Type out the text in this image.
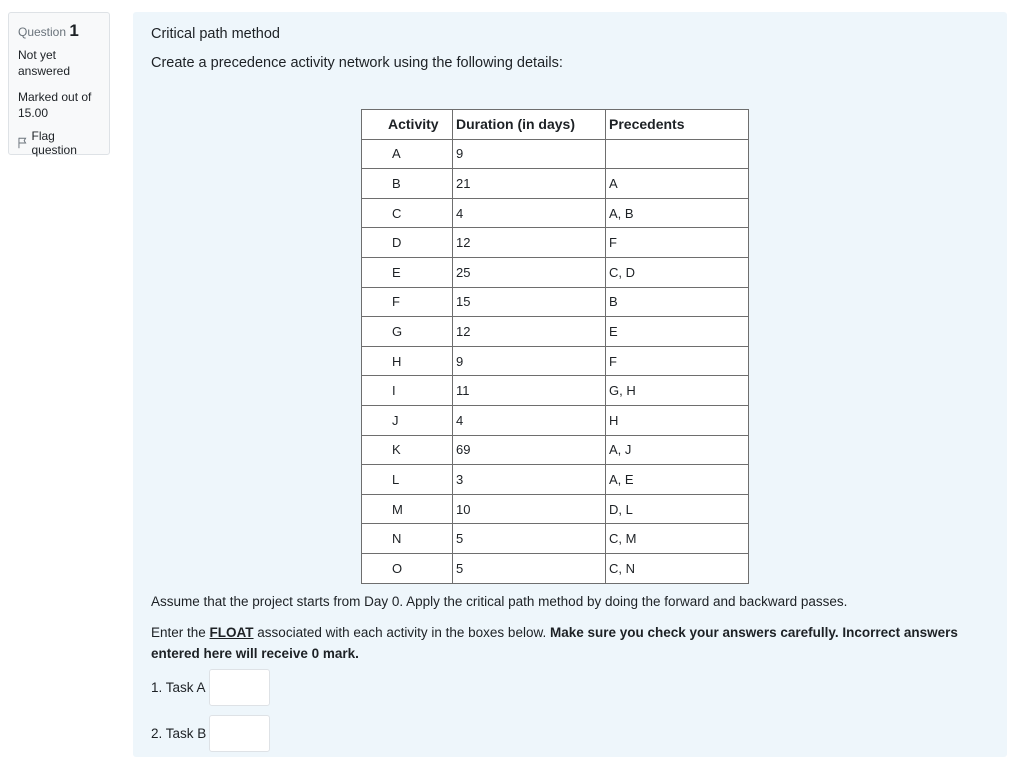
Question 1
Not yet
answered
Marked out of
15.00
Flag question
Critical path method
Create a precedence activity network using the following details:
Activity	Duration (in days)	Precedents
A	9	
B	21	A
C	4	A, B
D	12	F
E	25	C, D
F	15	B
G	12	E
H	9	F
I	11	G, H
J	4	H
K	69	A, J
L	3	A, E
M	10	D, L
N	5	C, M
O	5	C, N
Assume that the project starts from Day 0. Apply the critical path method by doing the forward and backward passes.
Enter the FLOAT associated with each activity in the boxes below. Make sure you check your answers carefully. Incorrect answers entered here will receive 0 mark.
1. Task A
2. Task B
